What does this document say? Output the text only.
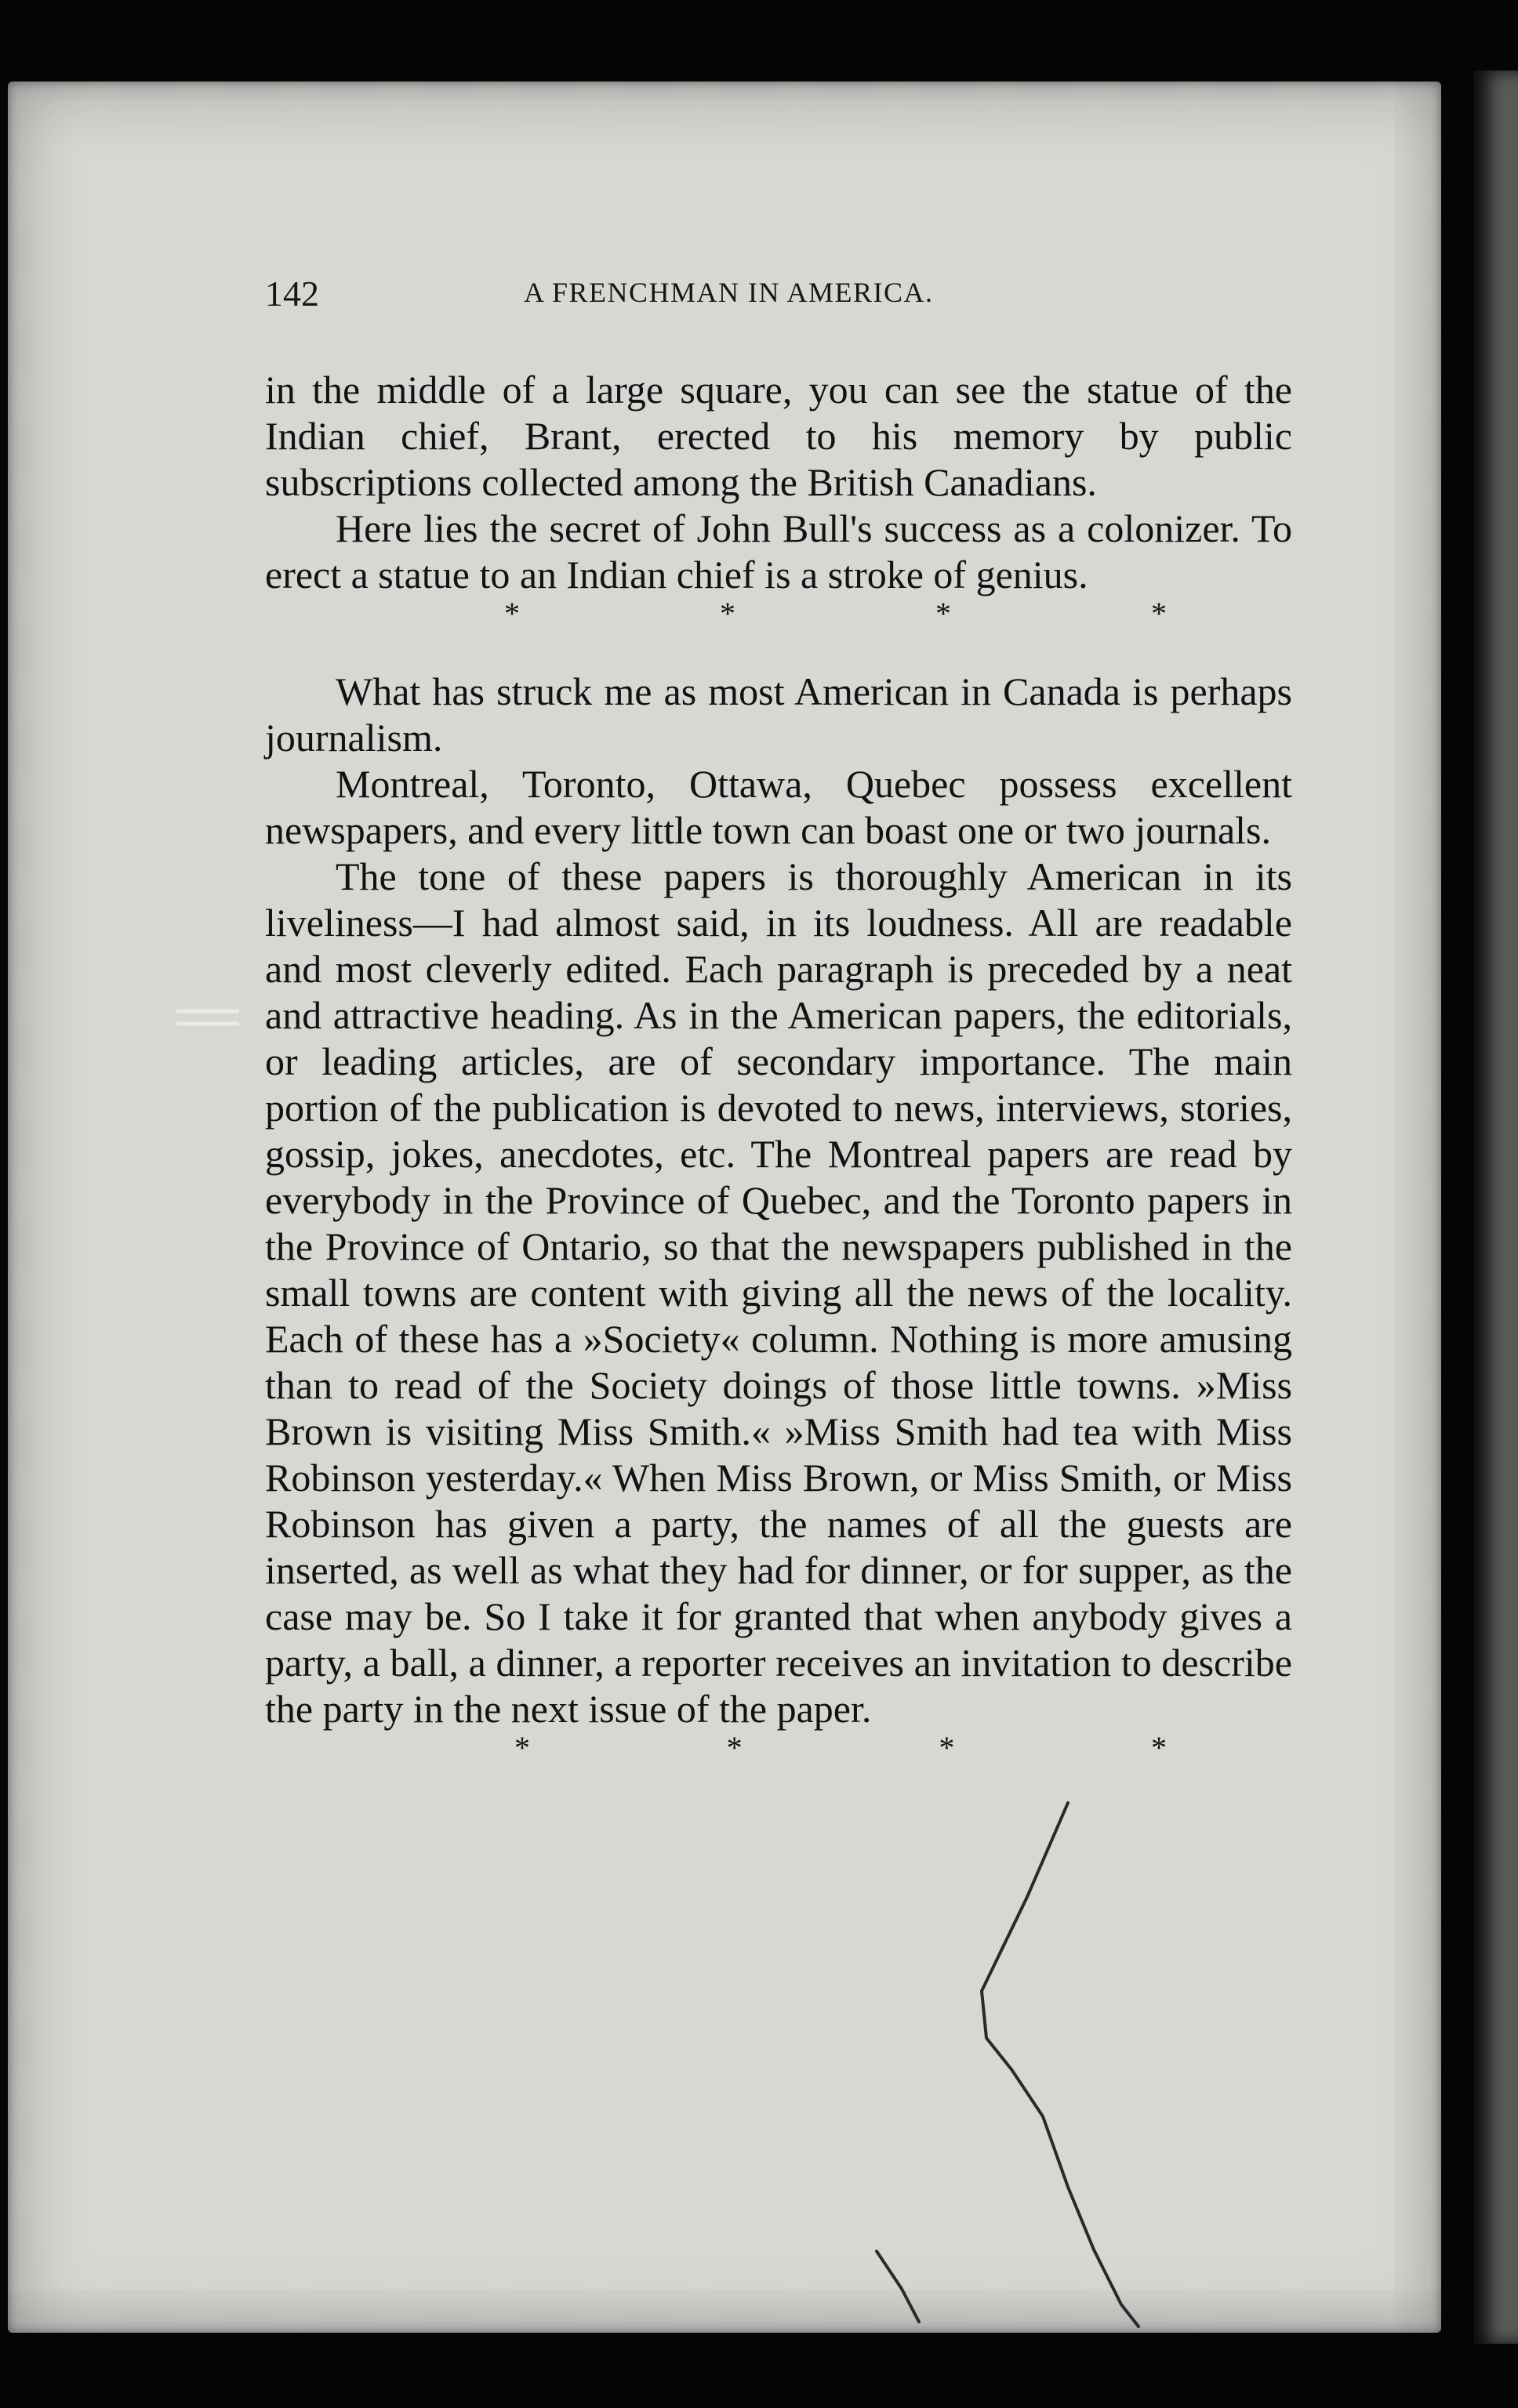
142	A FRENCHMAN IN AMERICA.

in the middle of a large square, you can see the statue of the Indian chief, Brant, erected to his memory by public subscriptions collected among the British Canadians.

Here lies the secret of John Bull's success as a colonizer. To erect a statue to an Indian chief is a stroke of genius.

*	*	*	*

What has struck me as most American in Canada is perhaps journalism.

Montreal, Toronto, Ottawa, Quebec possess excellent newspapers, and every little town can boast one or two journals.

The tone of these papers is thoroughly American in its liveliness—I had almost said, in its loudness. All are readable and most cleverly edited. Each paragraph is preceded by a neat and attractive heading. As in the American papers, the editorials, or leading articles, are of secondary importance. The main portion of the publication is devoted to news, interviews, stories, gossip, jokes, anecdotes, etc. The Montreal papers are read by everybody in the Province of Quebec, and the Toronto papers in the Province of Ontario, so that the newspapers published in the small towns are content with giving all the news of the locality. Each of these has a »Society« column. Nothing is more amusing than to read of the Society doings of those little towns. »Miss Brown is visiting Miss Smith.« »Miss Smith had tea with Miss Robinson yesterday.« When Miss Brown, or Miss Smith, or Miss Robinson has given a party, the names of all the guests are inserted, as well as what they had for dinner, or for supper, as the case may be. So I take it for granted that when anybody gives a party, a ball, a dinner, a reporter receives an invitation to describe the party in the next issue of the paper.

*	*	*	*
